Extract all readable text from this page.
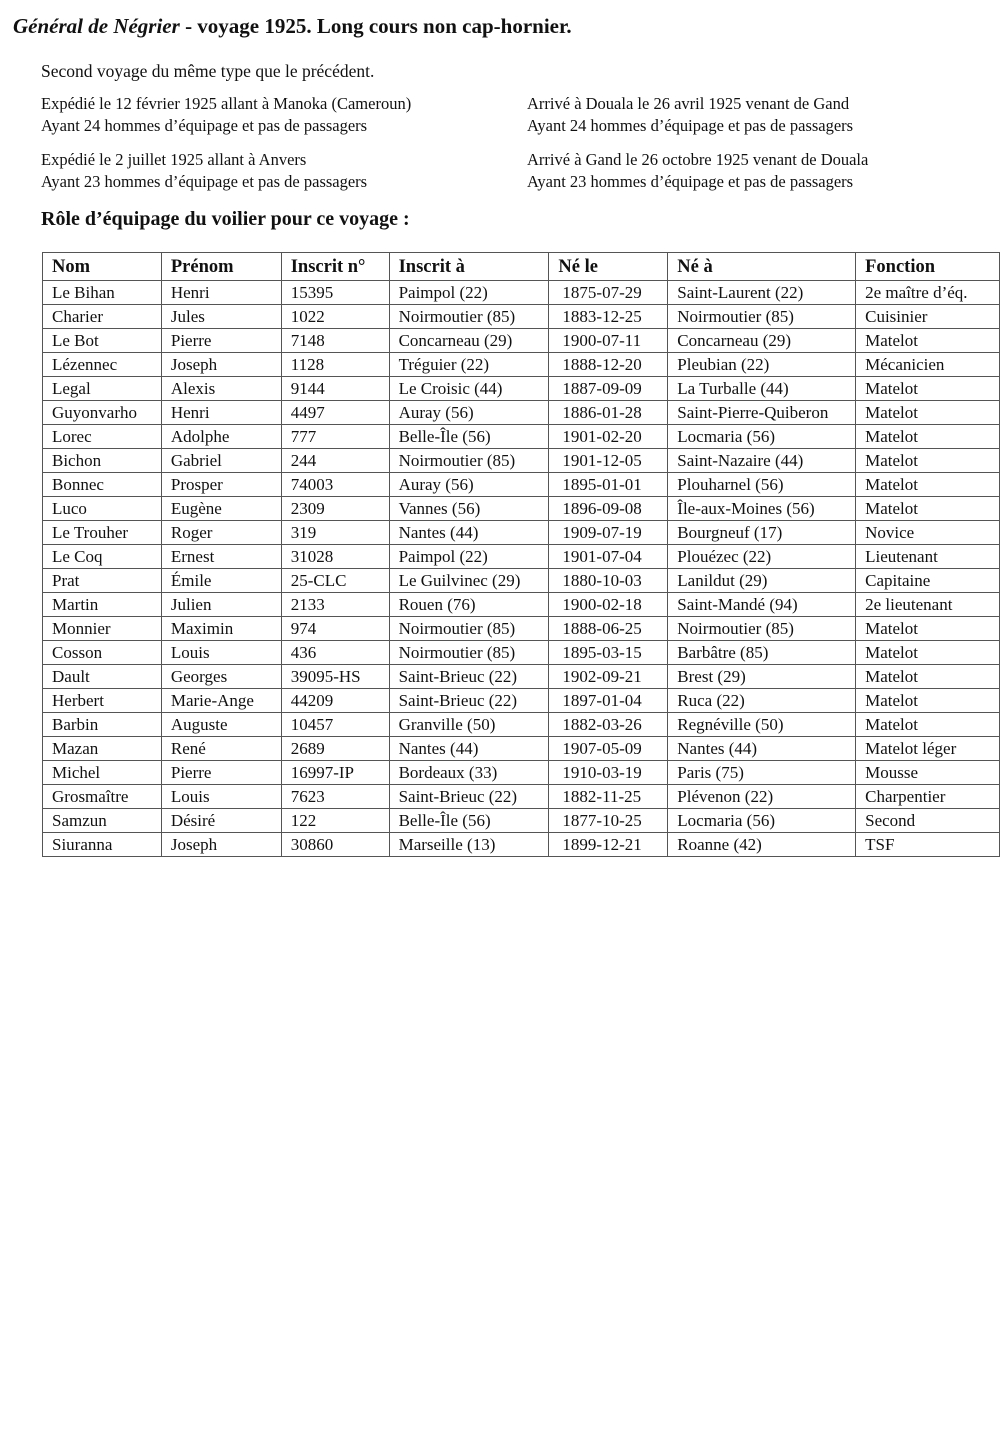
Général de Négrier - voyage 1925. Long cours non cap-hornier.
Second voyage du même type que le précédent.
Expédié le 12 février 1925 allant à Manoka (Cameroun)
Ayant 24 hommes d’équipage et pas de passagers
Arrivé à Douala le 26 avril 1925 venant de Gand
Ayant 24 hommes d’équipage et pas de passagers
Expédié le 2 juillet 1925 allant à Anvers
Ayant 23 hommes d’équipage et pas de passagers
Arrivé à Gand le 26 octobre 1925 venant de Douala
Ayant 23 hommes d’équipage et pas de passagers
Rôle d’équipage du voilier pour ce voyage :
Nom	Prénom	Inscrit n°	Inscrit à	Né le	Né à	Fonction
Le Bihan	Henri	15395	Paimpol (22)	1875-07-29	Saint-Laurent (22)	2e maître d’éq.
Charier	Jules	1022	Noirmoutier (85)	1883-12-25	Noirmoutier (85)	Cuisinier
Le Bot	Pierre	7148	Concarneau (29)	1900-07-11	Concarneau (29)	Matelot
Lézennec	Joseph	1128	Tréguier (22)	1888-12-20	Pleubian (22)	Mécanicien
Legal	Alexis	9144	Le Croisic (44)	1887-09-09	La Turballe (44)	Matelot
Guyonvarho	Henri	4497	Auray (56)	1886-01-28	Saint-Pierre-Quiberon	Matelot
Lorec	Adolphe	777	Belle-Île (56)	1901-02-20	Locmaria (56)	Matelot
Bichon	Gabriel	244	Noirmoutier (85)	1901-12-05	Saint-Nazaire (44)	Matelot
Bonnec	Prosper	74003	Auray (56)	1895-01-01	Plouharnel (56)	Matelot
Luco	Eugène	2309	Vannes (56)	1896-09-08	Île-aux-Moines (56)	Matelot
Le Trouher	Roger	319	Nantes (44)	1909-07-19	Bourgneuf (17)	Novice
Le Coq	Ernest	31028	Paimpol (22)	1901-07-04	Plouézec (22)	Lieutenant
Prat	Émile	25-CLC	Le Guilvinec (29)	1880-10-03	Lanildut (29)	Capitaine
Martin	Julien	2133	Rouen (76)	1900-02-18	Saint-Mandé (94)	2e lieutenant
Monnier	Maximin	974	Noirmoutier (85)	1888-06-25	Noirmoutier (85)	Matelot
Cosson	Louis	436	Noirmoutier (85)	1895-03-15	Barbâtre (85)	Matelot
Dault	Georges	39095-HS	Saint-Brieuc (22)	1902-09-21	Brest (29)	Matelot
Herbert	Marie-Ange	44209	Saint-Brieuc (22)	1897-01-04	Ruca (22)	Matelot
Barbin	Auguste	10457	Granville (50)	1882-03-26	Regnéville (50)	Matelot
Mazan	René	2689	Nantes (44)	1907-05-09	Nantes (44)	Matelot léger
Michel	Pierre	16997-IP	Bordeaux (33)	1910-03-19	Paris (75)	Mousse
Grosmaître	Louis	7623	Saint-Brieuc (22)	1882-11-25	Plévenon (22)	Charpentier
Samzun	Désiré	122	Belle-Île (56)	1877-10-25	Locmaria (56)	Second
Siuranna	Joseph	30860	Marseille (13)	1899-12-21	Roanne (42)	TSF
